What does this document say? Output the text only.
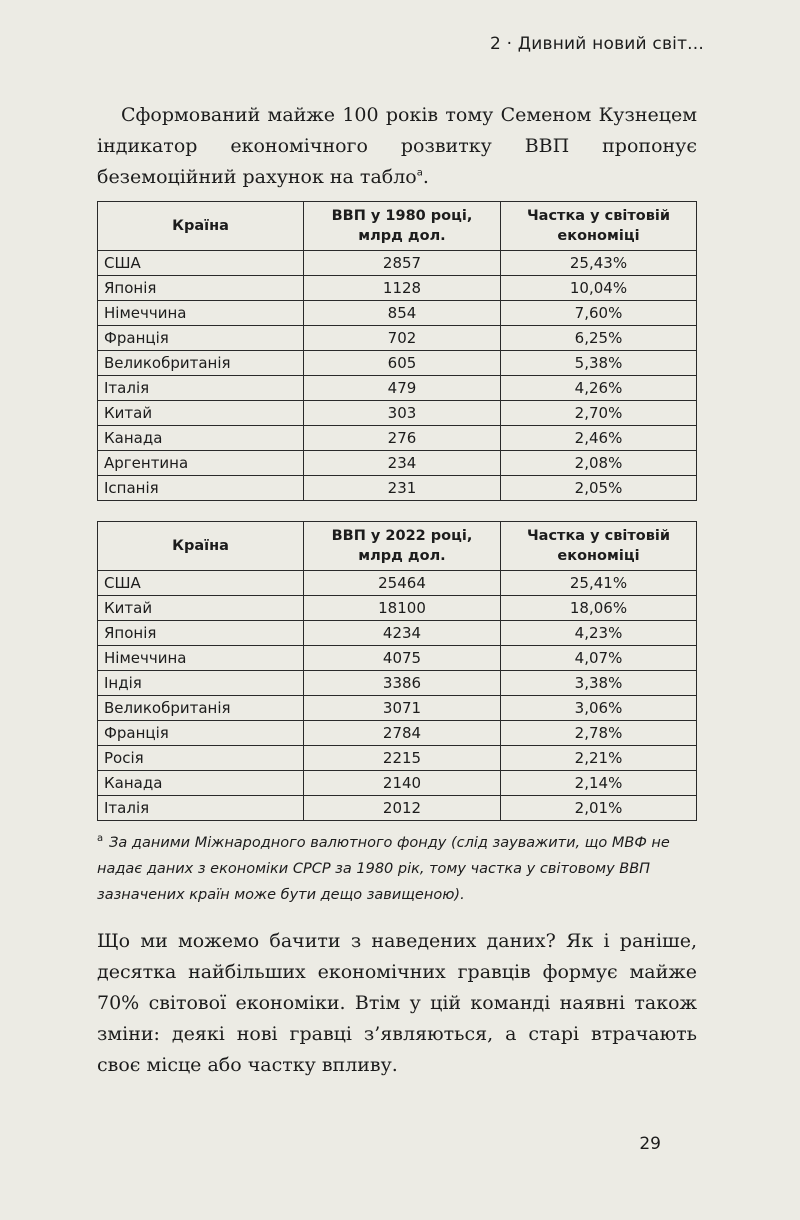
2 · Дивний новий світ...

Сформований майже 100 років тому Семеном Кузнецем індикатор економічного розвитку ВВП пропонує беземоційний рахунок на табло$^a$.

Країна	ВВП у 1980 році, млрд дол.	Частка у світовій економіці
США	2857	25,43%
Японія	1128	10,04%
Німеччина	854	7,60%
Франція	702	6,25%
Великобританія	605	5,38%
Італія	479	4,26%
Китай	303	2,70%
Канада	276	2,46%
Аргентина	234	2,08%
Іспанія	231	2,05%
Країна	ВВП у 2022 році, млрд дол.	Частка у світовій економіці
США	25464	25,41%
Китай	18100	18,06%
Японія	4234	4,23%
Німеччина	4075	4,07%
Індія	3386	3,38%
Великобританія	3071	3,06%
Франція	2784	2,78%
Росія	2215	2,21%
Канада	2140	2,14%
Італія	2012	2,01%
$^a$ За даними Міжнародного валютного фонду (слід зауважити, що МВФ не надає даних з економіки СРСР за 1980 рік, тому частка у світовому ВВП зазначених країн може бути дещо завищеною).

Що ми можемо бачити з наведених даних? Як і раніше, десятка найбільших економічних гравців формує майже 70% світової економіки. Втім у цій команді наявні також зміни: деякі нові гравці з’являються, а старі втрачають своє місце або частку впливу.

29
